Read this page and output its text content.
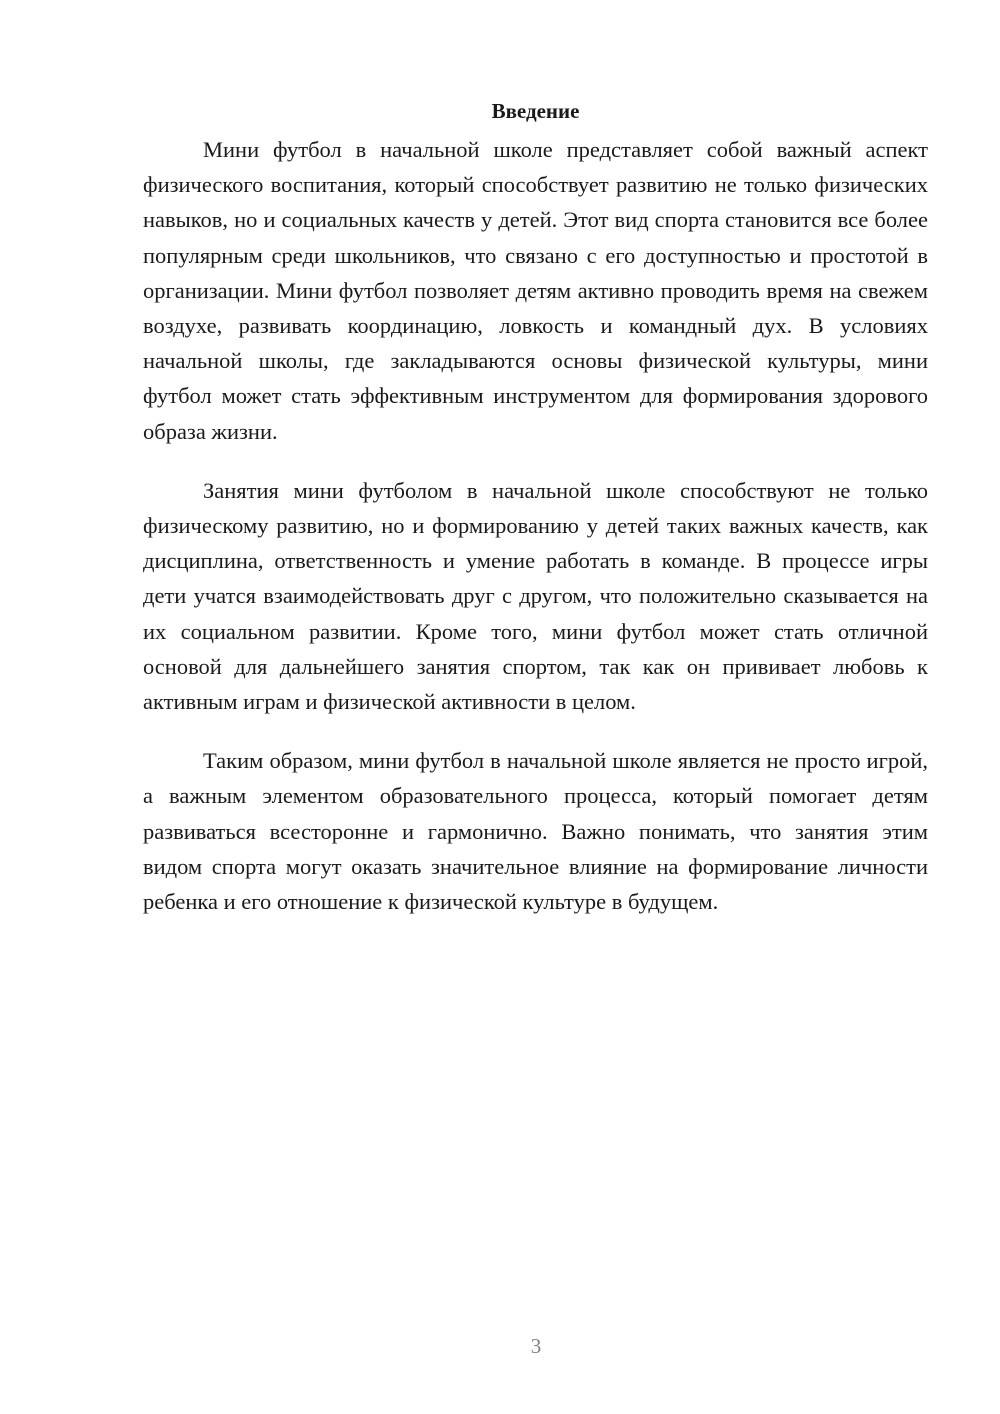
Введение

Мини футбол в начальной школе представляет собой важный аспект физического воспитания, который способствует развитию не только физических навыков, но и социальных качеств у детей. Этот вид спорта становится все более популярным среди школьников, что связано с его доступностью и простотой в организации. Мини футбол позволяет детям активно проводить время на свежем воздухе, развивать координацию, ловкость и командный дух. В условиях начальной школы, где закладываются основы физической культуры, мини футбол может стать эффективным инструментом для формирования здорового образа жизни.

Занятия мини футболом в начальной школе способствуют не только физическому развитию, но и формированию у детей таких важных качеств, как дисциплина, ответственность и умение работать в команде. В процессе игры дети учатся взаимодействовать друг с другом, что положительно сказывается на их социальном развитии. Кроме того, мини футбол может стать отличной основой для дальнейшего занятия спортом, так как он прививает любовь к активным играм и физической активности в целом.

Таким образом, мини футбол в начальной школе является не просто игрой, а важным элементом образовательного процесса, который помогает детям развиваться всесторонне и гармонично. Важно понимать, что занятия этим видом спорта могут оказать значительное влияние на формирование личности ребенка и его отношение к физической культуре в будущем.

3
